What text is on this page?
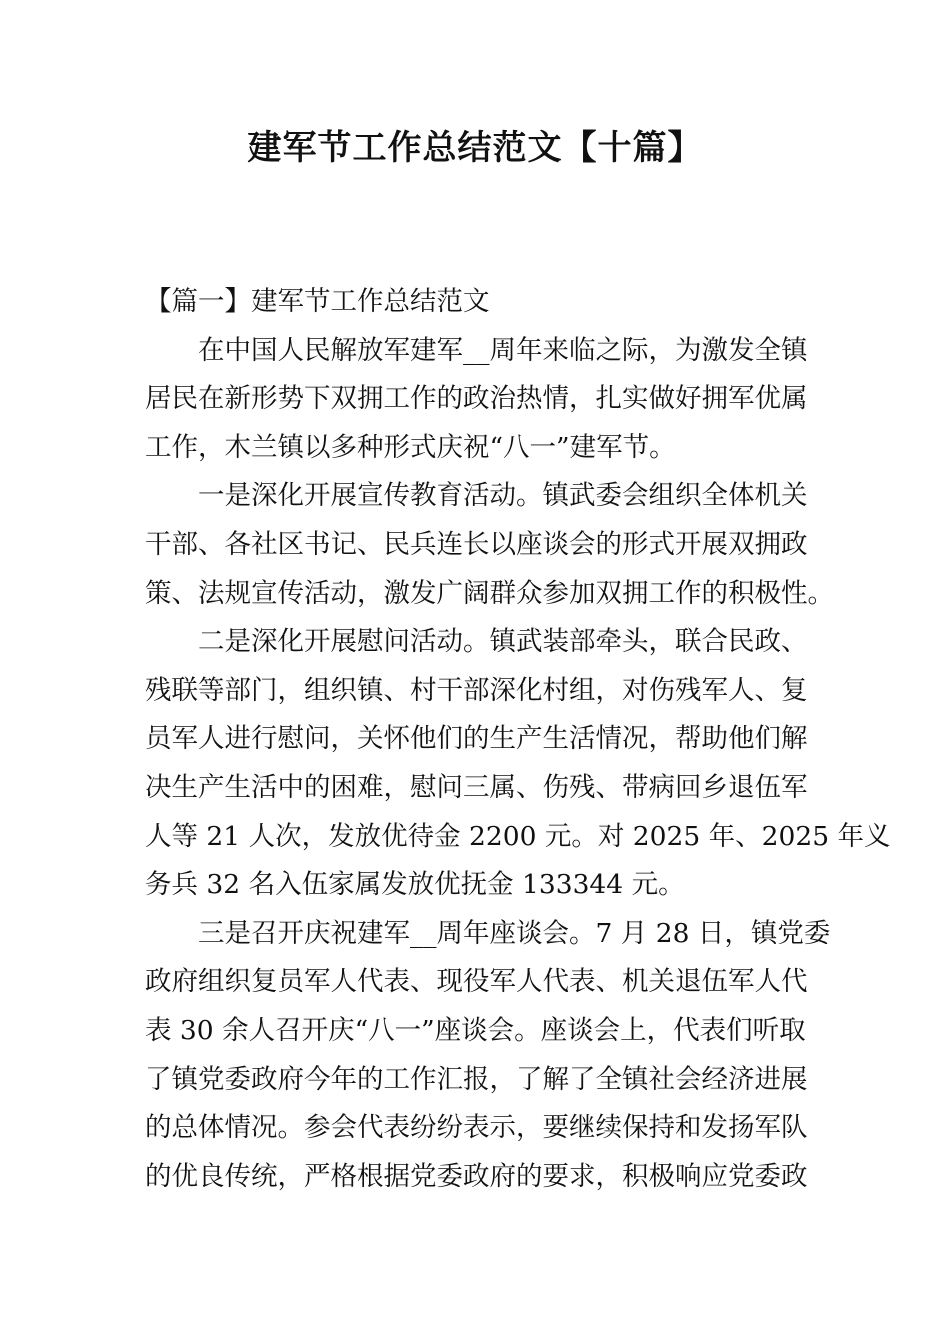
建军节工作总结范文【十篇】

【篇一】建军节工作总结范文

在中国人民解放军建军__周年来临之际，为激发全镇
居民在新形势下双拥工作的政治热情，扎实做好拥军优属
工作，木兰镇以多种形式庆祝“八一”建军节。

一是深化开展宣传教育活动。镇武委会组织全体机关
干部、各社区书记、民兵连长以座谈会的形式开展双拥政
策、法规宣传活动，激发广阔群众参加双拥工作的积极性。

二是深化开展慰问活动。镇武装部牵头，联合民政、
残联等部门，组织镇、村干部深化村组，对伤残军人、复
员军人进行慰问，关怀他们的生产生活情况，帮助他们解
决生产生活中的困难，慰问三属、伤残、带病回乡退伍军
人等 21 人次，发放优待金 2200 元。对 2025 年、2025 年义
务兵 32 名入伍家属发放优抚金 133344 元。

三是召开庆祝建军__周年座谈会。7 月 28 日，镇党委
政府组织复员军人代表、现役军人代表、机关退伍军人代
表 30 余人召开庆“八一”座谈会。座谈会上，代表们听取
了镇党委政府今年的工作汇报，了解了全镇社会经济进展
的总体情况。参会代表纷纷表示，要继续保持和发扬军队
的优良传统，严格根据党委政府的要求，积极响应党委政
